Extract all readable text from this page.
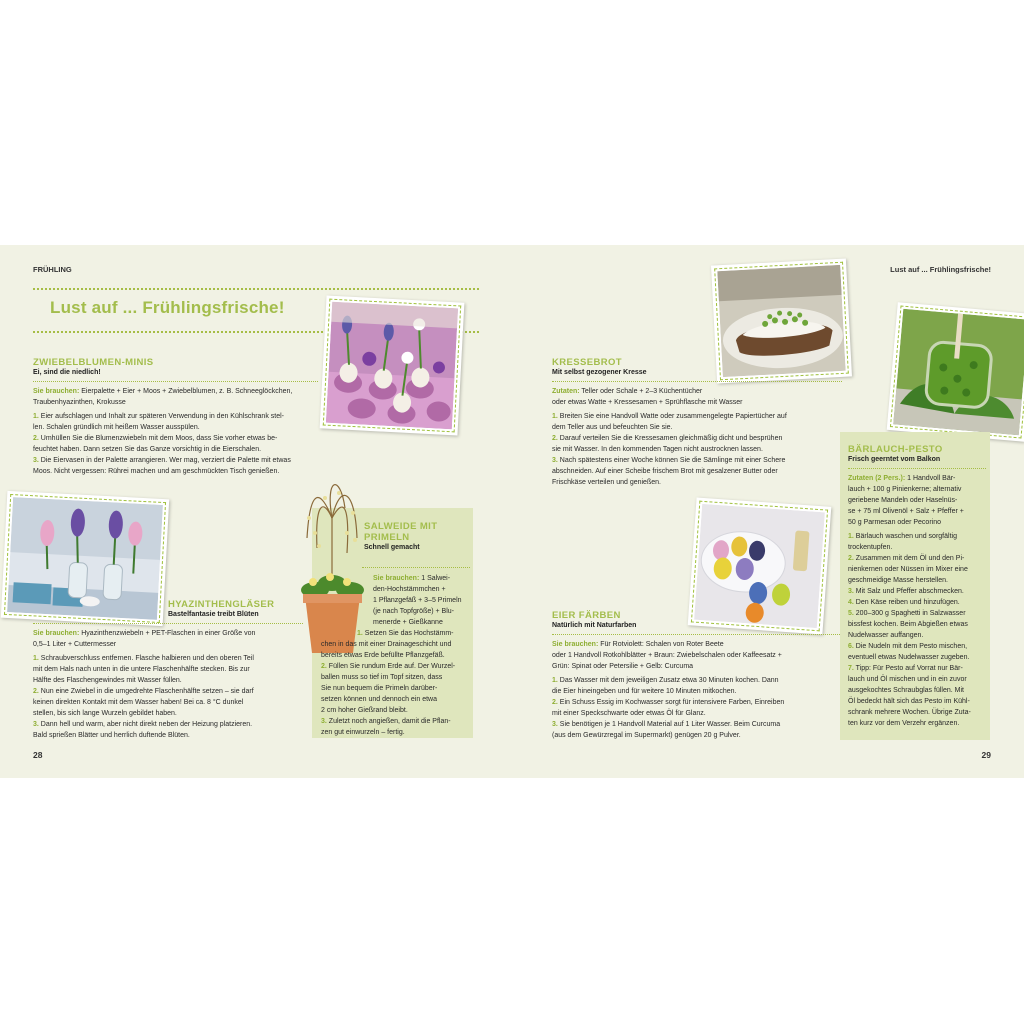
FRÜHLING
Lust auf ... Frühlingsfrische!
ZWIEBELBLUMEN-MINIS
Ei, sind die niedlich!

Sie brauchen: Eierpalette + Eier + Moos + Zwiebelblumen, z. B. Schneeglöckchen,

Traubenhyazinthen, Krokusse

1. Eier aufschlagen und Inhalt zur späteren Verwendung in den Kühlschrank stel-

len. Schalen gründlich mit heißem Wasser ausspülen.

2. Umhüllen Sie die Blumenzwiebeln mit dem Moos, dass Sie vorher etwas be-

feuchtet haben. Dann setzen Sie das Ganze vorsichtig in die Eierschalen.

3. Die Eiervasen in der Palette arrangieren. Wer mag, verziert die Palette mit etwas

Moos. Nicht vergessen: Rührei machen und am geschmückten Tisch genießen.

HYAZINTHENGLÄSER
Bastelfantasie treibt Blüten

Sie brauchen: Hyazinthenzwiebeln + PET-Flaschen in einer Größe von

0,5–1 Liter + Cuttermesser

1. Schraubverschluss entfernen. Flasche halbieren und den oberen Teil

mit dem Hals nach unten in die untere Flaschenhälfte stecken. Bis zur

Hälfte des Flaschengewindes mit Wasser füllen.

2. Nun eine Zwiebel in die umgedrehte Flaschenhälfte setzen – sie darf

keinen direkten Kontakt mit dem Wasser haben! Bei ca. 8 °C dunkel

stellen, bis sich lange Wurzeln gebildet haben.

3. Dann hell und warm, aber nicht direkt neben der Heizung platzieren.

Bald sprießen Blätter und herrlich duftende Blüten.

SALWEIDE MIT
PRIMELN
Schnell gemacht

Sie brauchen: 1 Salwei-

den-Hochstämmchen +

1 Pflanzgefäß + 3–5 Primeln

(je nach Topfgröße) + Blu-

menerde + Gießkanne

1. Setzen Sie das Hochstämm-

chen in das mit einer Drainageschicht und

bereits etwas Erde befüllte Pflanzgefäß.

2. Füllen Sie rundum Erde auf. Der Wurzel-

ballen muss so tief im Topf sitzen, dass

Sie nun bequem die Primeln darüber-

setzen können und dennoch ein etwa

2 cm hoher Gießrand bleibt.

3. Zuletzt noch angießen, damit die Pflan-

zen gut einwurzeln – fertig.

28
Lust auf ... Frühlingsfrische!
KRESSEBROT
Mit selbst gezogener Kresse

Zutaten: Teller oder Schale + 2–3 Küchentücher

oder etwas Watte + Kressesamen + Sprühflasche mit Wasser

1. Breiten Sie eine Handvoll Watte oder zusammengelegte Papiertücher auf

dem Teller aus und befeuchten Sie sie.

2. Darauf verteilen Sie die Kressesamen gleichmäßig dicht und besprühen

sie mit Wasser. In den kommenden Tagen nicht austrocknen lassen.

3. Nach spätestens einer Woche können Sie die Sämlinge mit einer Schere

abschneiden. Auf einer Scheibe frischem Brot mit gesalzener Butter oder

Frischkäse verteilen und genießen.

EIER FÄRBEN
Natürlich mit Naturfarben

Sie brauchen: Für Rotviolett: Schalen von Roter Beete

oder 1 Handvoll Rotkohlblätter + Braun: Zwiebelschalen oder Kaffeesatz +

Grün: Spinat oder Petersilie + Gelb: Curcuma

1. Das Wasser mit dem jeweiligen Zusatz etwa 30 Minuten kochen. Dann

die Eier hineingeben und für weitere 10 Minuten mitkochen.

2. Ein Schuss Essig im Kochwasser sorgt für intensivere Farben, Einreiben

mit einer Speckschwarte oder etwas Öl für Glanz.

3. Sie benötigen je 1 Handvoll Material auf 1 Liter Wasser. Beim Curcuma

(aus dem Gewürzregal im Supermarkt) genügen 20 g Pulver.

BÄRLAUCH-PESTO
Frisch geerntet vom Balkon

Zutaten (2 Pers.): 1 Handvoll Bär-

lauch + 100 g Pinienkerne; alternativ

geriebene Mandeln oder Haselnüs-

se + 75 ml Olivenöl + Salz + Pfeffer +

50 g Parmesan oder Pecorino

1. Bärlauch waschen und sorgfältig

trockentupfen.

2. Zusammen mit dem Öl und den Pi-

nienkernen oder Nüssen im Mixer eine

geschmeidige Masse herstellen.

3. Mit Salz und Pfeffer abschmecken.

4. Den Käse reiben und hinzufügen.

5. 200–300 g Spaghetti in Salzwasser

bissfest kochen. Beim Abgießen etwas

Nudelwasser auffangen.

6. Die Nudeln mit dem Pesto mischen,

eventuell etwas Nudelwasser zugeben.

7. Tipp: Für Pesto auf Vorrat nur Bär-

lauch und Öl mischen und in ein zuvor

ausgekochtes Schraubglas füllen. Mit

Öl bedeckt hält sich das Pesto im Kühl-

schrank mehrere Wochen. Übrige Zuta-

ten kurz vor dem Verzehr ergänzen.

29
